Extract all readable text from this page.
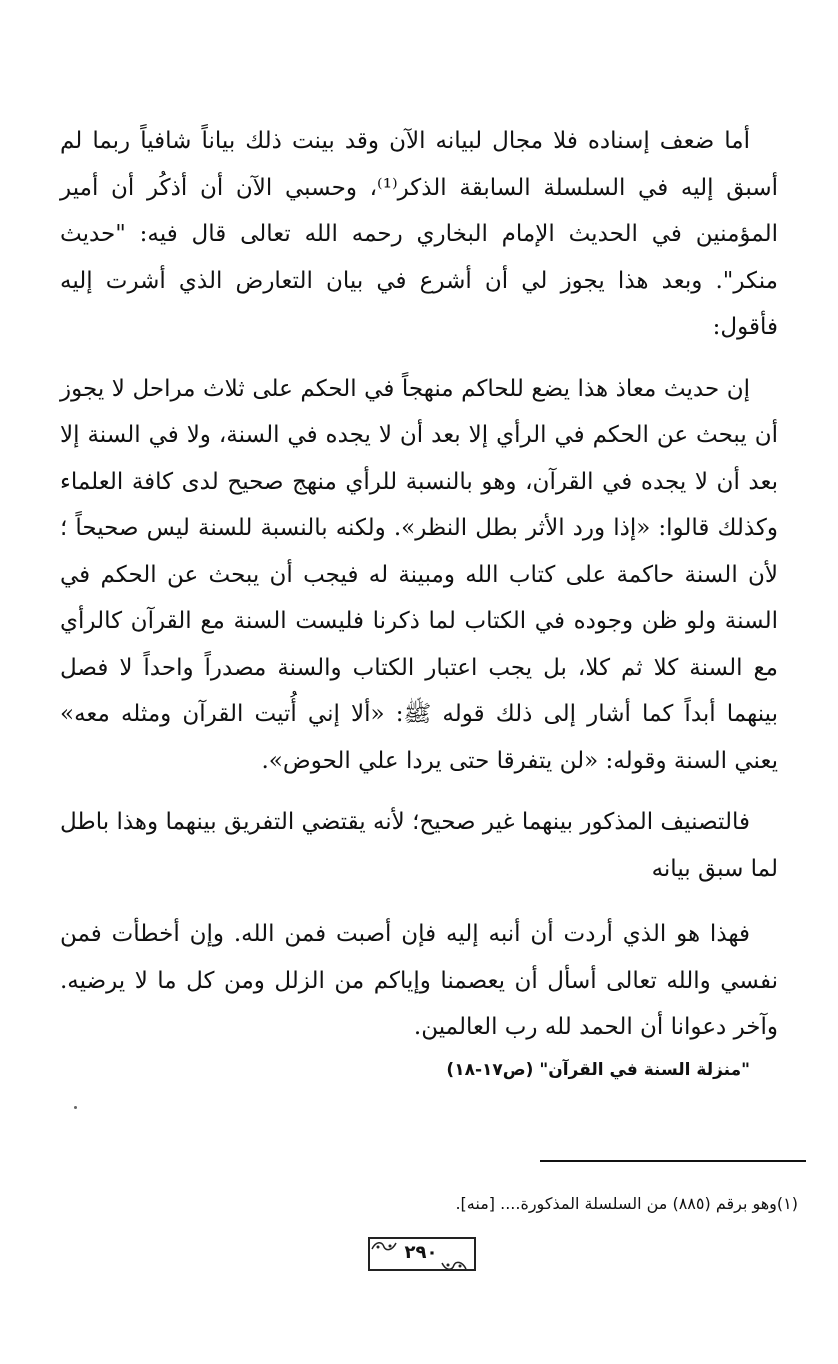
أما ضعف إسناده فلا مجال لبيانه الآن وقد بينت ذلك بياناً شافياً ربما لم أسبق إليه في السلسلة السابقة الذكر⁽¹⁾، وحسبي الآن أن أذكُر أن أمير المؤمنين في الحديث الإمام البخاري رحمه الله تعالى قال فيه: "حديث منكر". وبعد هذا يجوز لي أن أشرع في بيان التعارض الذي أشرت إليه فأقول:

إن حديث معاذ هذا يضع للحاكم منهجاً في الحكم على ثلاث مراحل لا يجوز أن يبحث عن الحكم في الرأي إلا بعد أن لا يجده في السنة، ولا في السنة إلا بعد أن لا يجده في القرآن، وهو بالنسبة للرأي منهج صحيح لدى كافة العلماء وكذلك قالوا: «إذا ورد الأثر بطل النظر». ولكنه بالنسبة للسنة ليس صحيحاً ؛ لأن السنة حاكمة على كتاب الله ومبينة له فيجب أن يبحث عن الحكم في السنة ولو ظن وجوده في الكتاب لما ذكرنا فليست السنة مع القرآن كالرأي مع السنة كلا ثم كلا، بل يجب اعتبار الكتاب والسنة مصدراً واحداً لا فصل بينهما أبداً كما أشار إلى ذلك قوله ﷺ: «ألا إني أُتيت القرآن ومثله معه» يعني السنة وقوله: «لن يتفرقا حتى يردا علي الحوض».

فالتصنيف المذكور بينهما غير صحيح؛ لأنه يقتضي التفريق بينهما وهذا باطل لما سبق بيانه

فهذا هو الذي أردت أن أنبه إليه فإن أصبت فمن الله. وإن أخطأت فمن نفسي والله تعالى أسأل أن يعصمنا وإياكم من الزلل ومن كل ما لا يرضيه. وآخر دعوانا أن الحمد لله رب العالمين.

"منزلة السنة في القرآن" (ص١٧-١٨)
(١)وهو برقم (٨٨٥) من السلسلة المذكورة.... [منه].
٢٩٠
